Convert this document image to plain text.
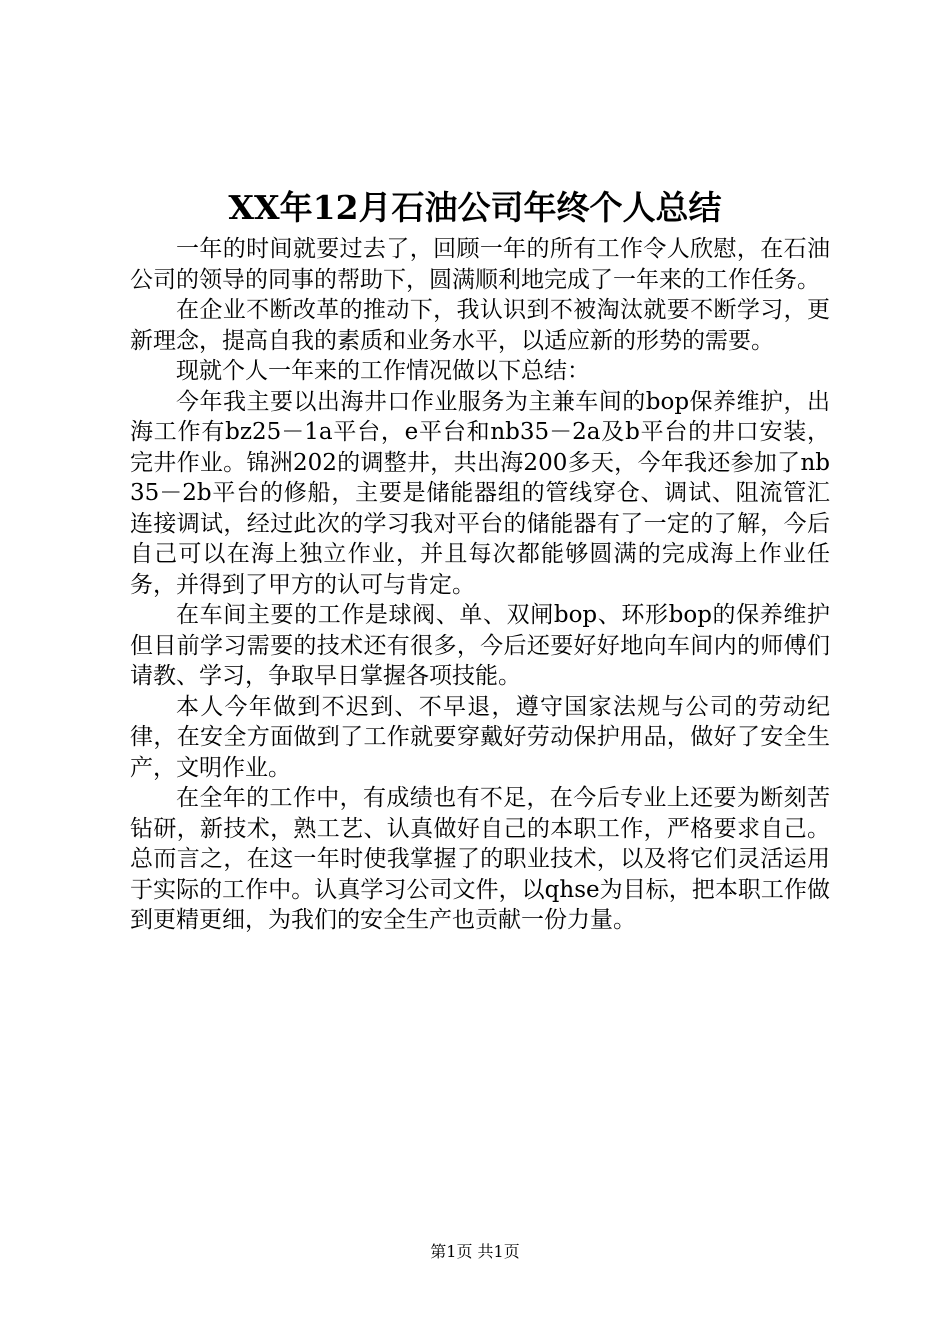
XX年12月石油公司年终个人总结

一年的时间就要过去了，回顾一年的所有工作令人欣慰，在石油公司的领导的同事的帮助下，圆满顺利地完成了一年来的工作任务。

在企业不断改革的推动下，我认识到不被淘汰就要不断学习，更新理念，提高自我的素质和业务水平，以适应新的形势的需要。

现就个人一年来的工作情况做以下总结：

今年我主要以出海井口作业服务为主兼车间的bop保养维护，出海工作有bz25－1a平台，e平台和nb35－2a及b平台的井口安装，完井作业。锦洲202的调整井，共出海200多天，今年我还参加了nb35－2b平台的修船，主要是储能器组的管线穿仓、调试、阻流管汇连接调试，经过此次的学习我对平台的储能器有了一定的了解，今后自己可以在海上独立作业，并且每次都能够圆满的完成海上作业任务，并得到了甲方的认可与肯定。

在车间主要的工作是球阀、单、双闸bop、环形bop的保养维护但目前学习需要的技术还有很多，今后还要好好地向车间内的师傅们请教、学习，争取早日掌握各项技能。

本人今年做到不迟到、不早退，遵守国家法规与公司的劳动纪律，在安全方面做到了工作就要穿戴好劳动保护用品，做好了安全生产，文明作业。

在全年的工作中，有成绩也有不足，在今后专业上还要为断刻苦钻研，新技术，熟工艺、认真做好自己的本职工作，严格要求自己。总而言之，在这一年时使我掌握了的职业技术，以及将它们灵活运用于实际的工作中。认真学习公司文件，以qhse为目标，把本职工作做到更精更细，为我们的安全生产也贡献一份力量。

第1页 共1页
